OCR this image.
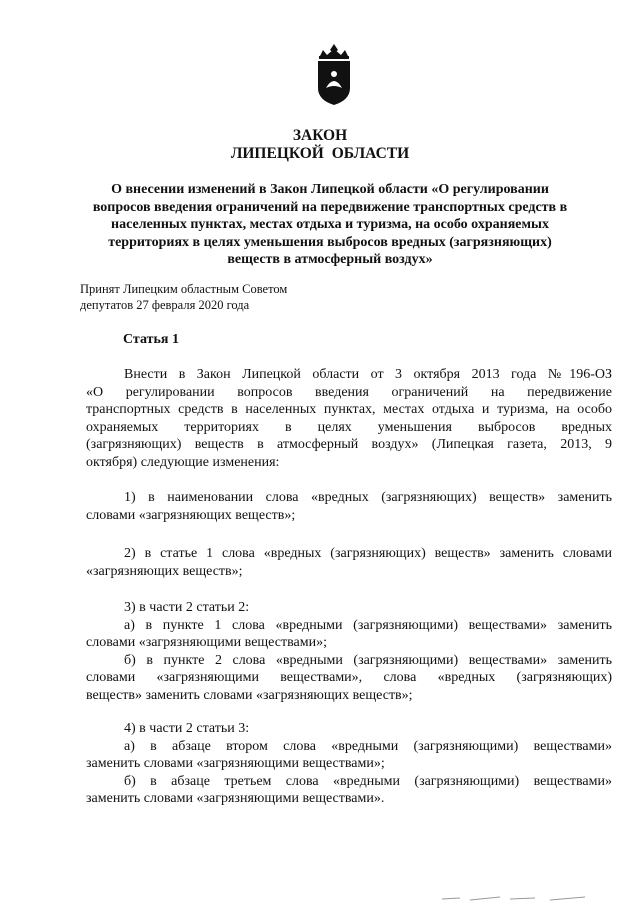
ЗАКОН
ЛИПЕЦКОЙ ОБЛАСТИ
О внесении изменений в Закон Липецкой области «О регулировании
вопросов введения ограничений на передвижение транспортных средств в
населенных пунктах, местах отдыха и туризма, на особо охраняемых
территориях в целях уменьшения выбросов вредных (загрязняющих)
веществ в атмосферный воздух»
Принят Липецким областным Советом
депутатов 27 февраля 2020 года
Статья 1
Внести в Закон Липецкой области от 3 октября 2013 года №196-ОЗ
«О регулировании вопросов введения ограничений на передвижение
транспортных средств в населенных пунктах, местах отдыха и туризма, на особо
охраняемых территориях в целях уменьшения выбросов вредных
(загрязняющих) веществ в атмосферный воздух» (Липецкая газета, 2013, 9
октября) следующие изменения:
1) в наименовании слова «вредных (загрязняющих) веществ» заменить
словами «загрязняющих веществ»;
2) в статье 1 слова «вредных (загрязняющих) веществ» заменить словами
«загрязняющих веществ»;
3) в части 2 статьи 2:
а) в пункте 1 слова «вредными (загрязняющими) веществами» заменить
словами «загрязняющими веществами»;
б) в пункте 2 слова «вредными (загрязняющими) веществами» заменить
словами «загрязняющими веществами», слова «вредных (загрязняющих)
веществ» заменить словами «загрязняющих веществ»;
4) в части 2 статьи 3:
а) в абзаце втором слова «вредными (загрязняющими) веществами»
заменить словами «загрязняющими веществами»;
б) в абзаце третьем слова «вредными (загрязняющими) веществами»
заменить словами «загрязняющими веществами».
